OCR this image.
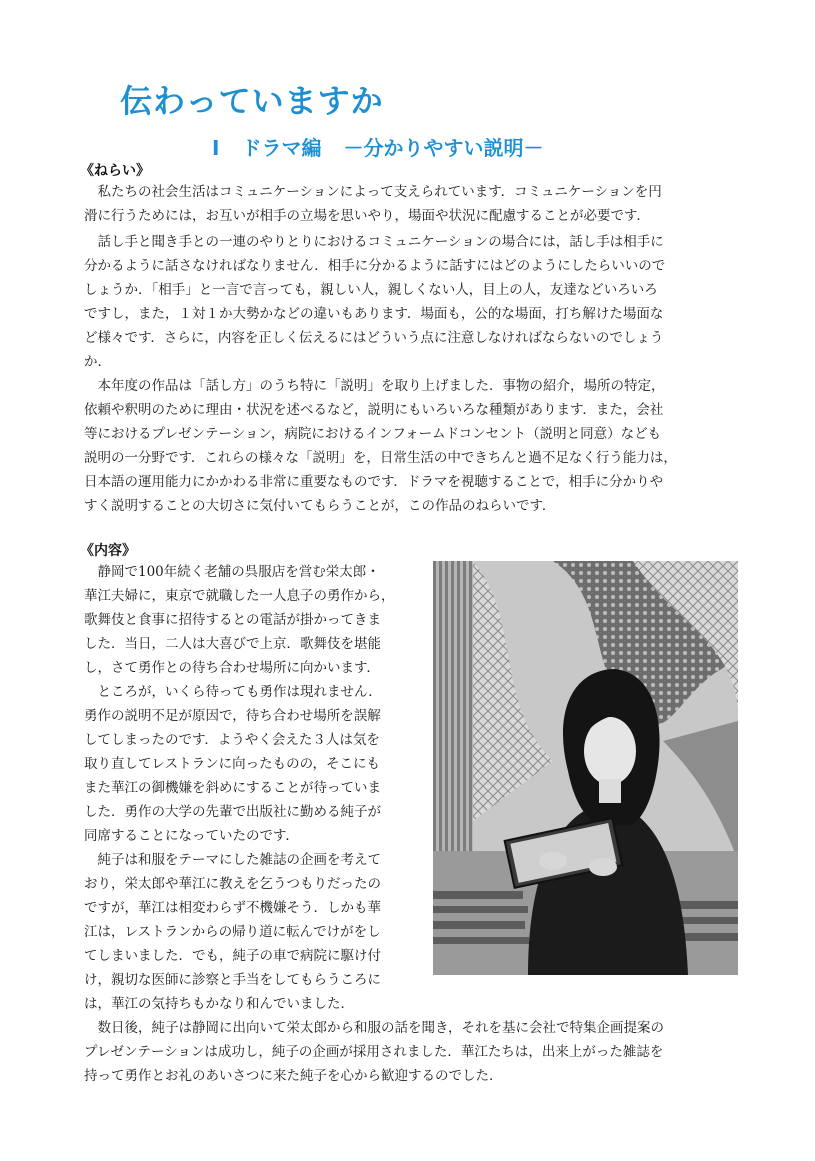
伝わっていますか
Ⅰ ドラマ編 －分かりやすい説明－
《ねらい》
　私たちの社会生活はコミュニケーションによって支えられています．コミュニケーションを円
滑に行うためには，お互いが相手の立場を思いやり，場面や状況に配慮することが必要です．
　話し手と聞き手との一連のやりとりにおけるコミュニケーションの場合には，話し手は相手に
分かるように話さなければなりません．相手に分かるように話すにはどのようにしたらいいので
しょうか．「相手」と一言で言っても，親しい人，親しくない人，目上の人，友達などいろいろ
ですし，また，１対１か大勢かなどの違いもあります．場面も，公的な場面，打ち解けた場面な
ど様々です．さらに，内容を正しく伝えるにはどういう点に注意しなければならないのでしょう
か．
　本年度の作品は「話し方」のうち特に「説明」を取り上げました．事物の紹介，場所の特定，
依頼や釈明のために理由・状況を述べるなど，説明にもいろいろな種類があります．また，会社
等におけるプレゼンテーション，病院におけるインフォームドコンセント（説明と同意）なども
説明の一分野です．これらの様々な「説明」を，日常生活の中できちんと過不足なく行う能力は，
日本語の運用能力にかかわる非常に重要なものです．ドラマを視聴することで，相手に分かりや
すく説明することの大切さに気付いてもらうことが，この作品のねらいです．
《内容》
　静岡で100年続く老舗の呉服店を営む栄太郎・
華江夫婦に，東京で就職した一人息子の勇作から，
歌舞伎と食事に招待するとの電話が掛かってきま
した．当日，二人は大喜びで上京．歌舞伎を堪能
し，さて勇作との待ち合わせ場所に向かいます．
　ところが，いくら待っても勇作は現れません．
勇作の説明不足が原因で，待ち合わせ場所を誤解
してしまったのです．ようやく会えた３人は気を
取り直してレストランに向ったものの，そこにも
また華江の御機嫌を斜めにすることが待っていま
した．勇作の大学の先輩で出版社に勤める純子が
同席することになっていたのです．
　純子は和服をテーマにした雑誌の企画を考えて
おり，栄太郎や華江に教えを乞うつもりだったの
ですが，華江は相変わらず不機嫌そう．しかも華
江は，レストランからの帰り道に転んでけがをし
てしまいました．でも，純子の車で病院に駆け付
け，親切な医師に診察と手当をしてもらうころに
は，華江の気持ちもかなり和んでいました．
　数日後，純子は静岡に出向いて栄太郎から和服の話を聞き，それを基に会社で特集企画提案の
プレゼンテーションは成功し，純子の企画が採用されました．華江たちは，出来上がった雑誌を
持って勇作とお礼のあいさつに来た純子を心から歓迎するのでした．
